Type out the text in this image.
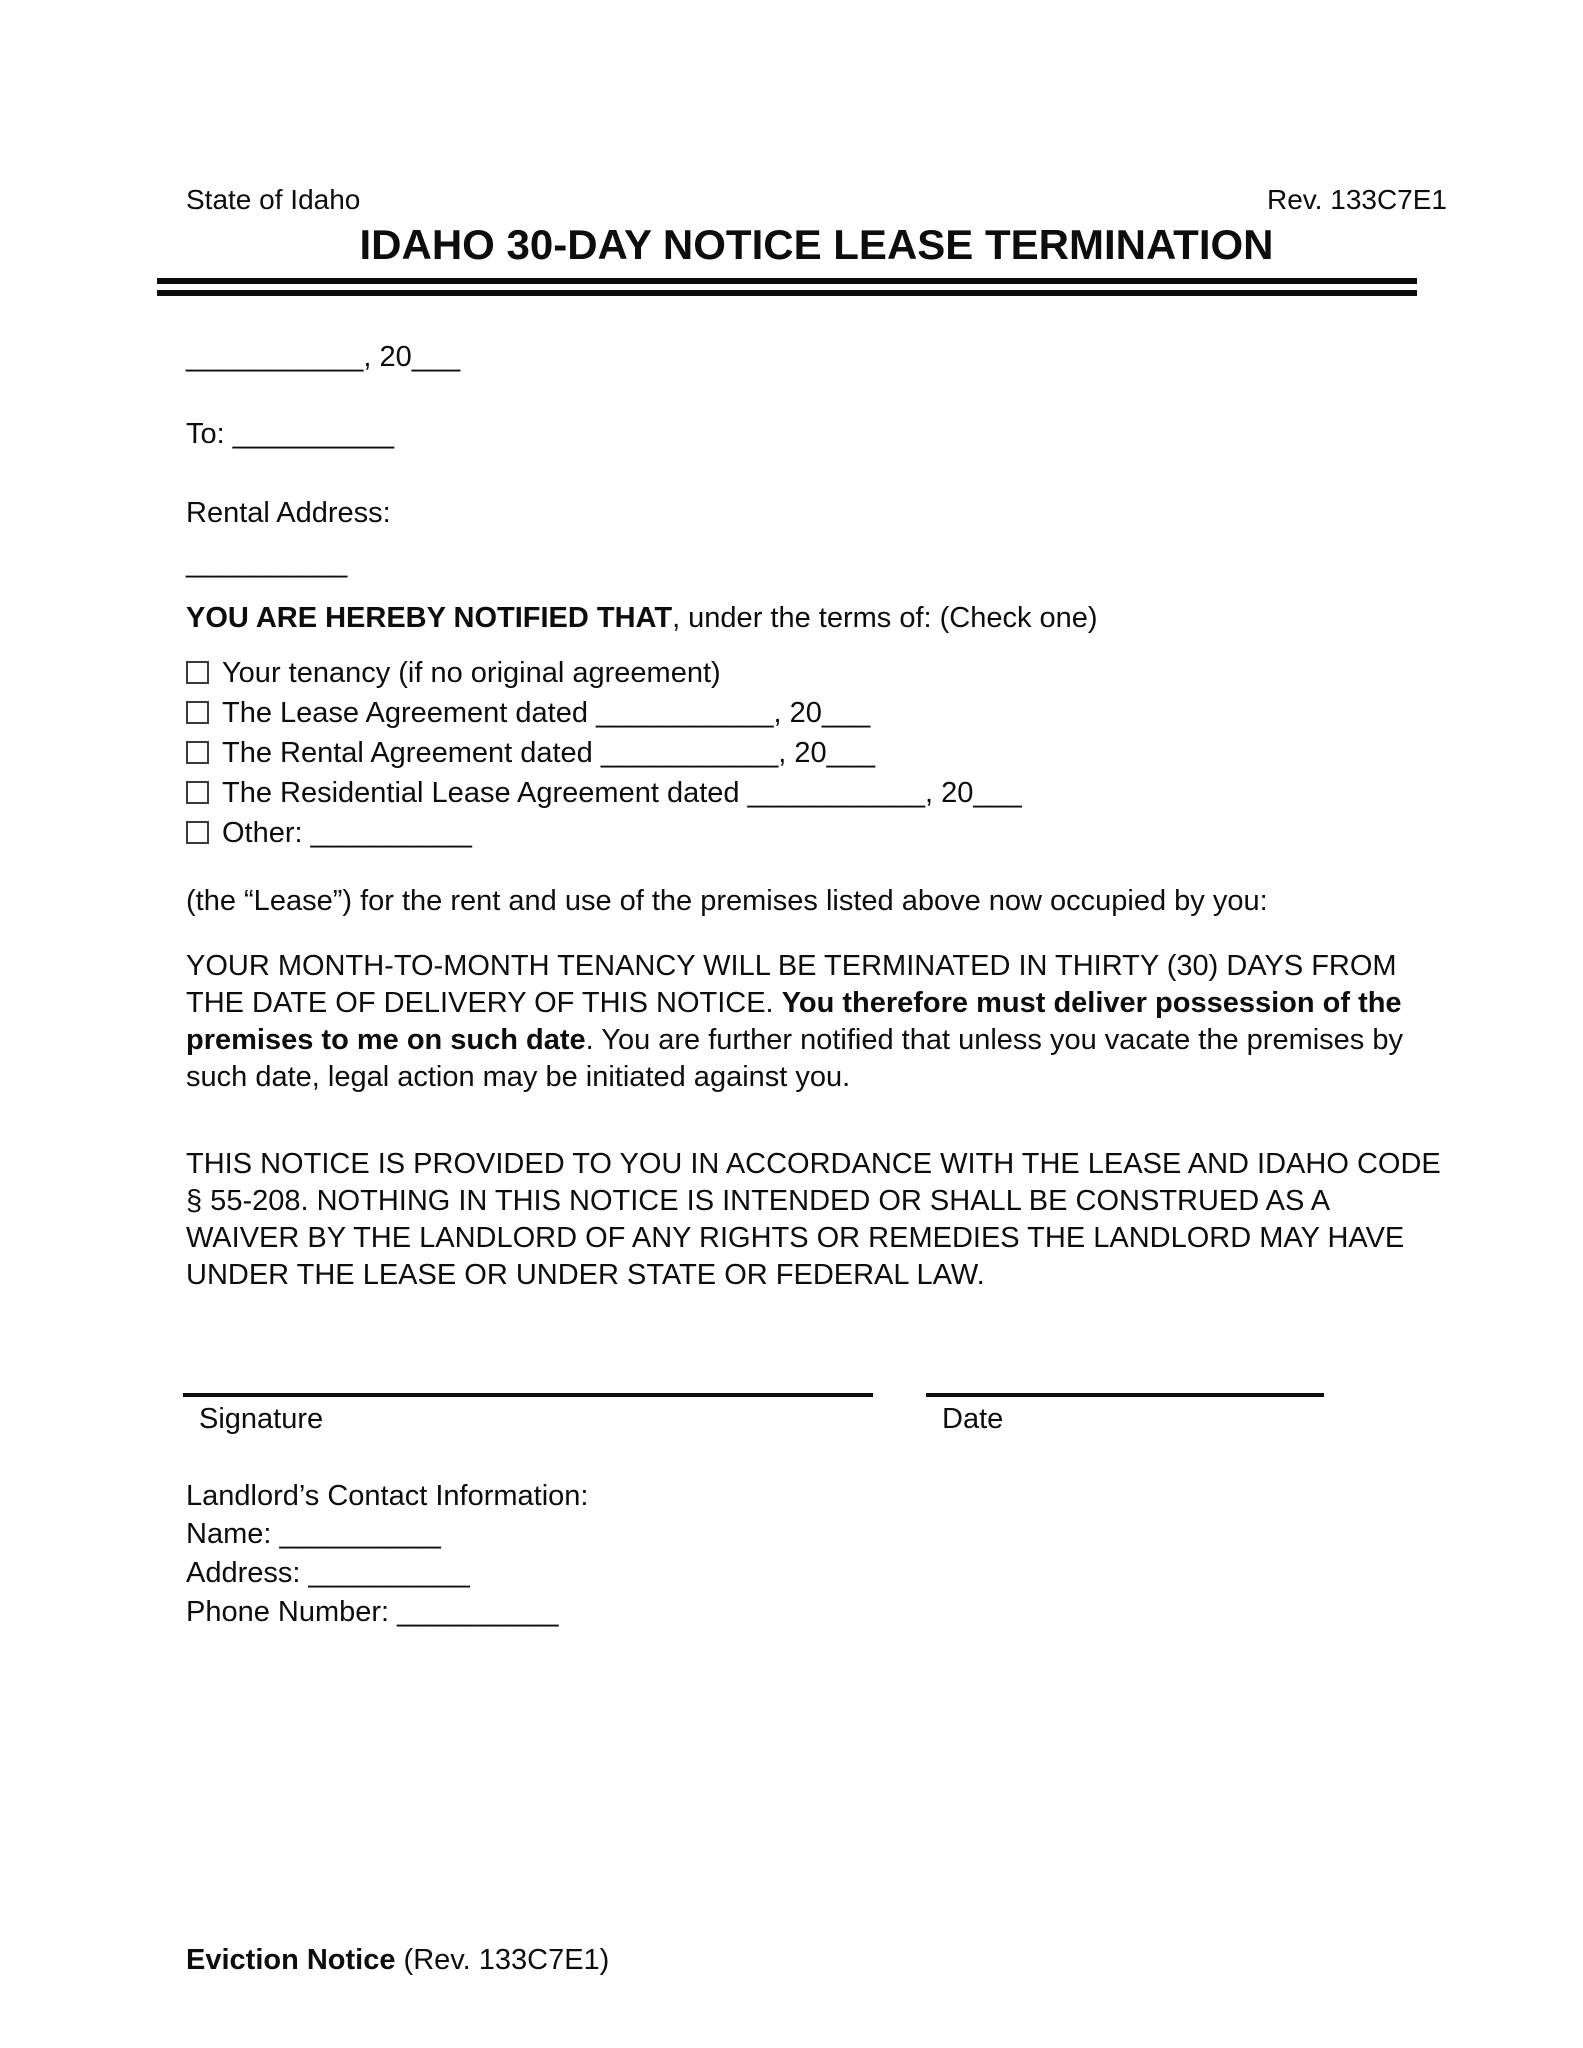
State of Idaho	Rev. 133C7E1
IDAHO 30-DAY NOTICE LEASE TERMINATION
___________, 20___
To: __________
Rental Address:
__________
YOU ARE HEREBY NOTIFIED THAT, under the terms of: (Check one)
Your tenancy (if no original agreement)
The Lease Agreement dated ___________, 20___
The Rental Agreement dated ___________, 20___
The Residential Lease Agreement dated ___________, 20___
Other: __________
(the “Lease”) for the rent and use of the premises listed above now occupied by you:

YOUR MONTH-TO-MONTH TENANCY WILL BE TERMINATED IN THIRTY (30) DAYS FROM THE DATE OF DELIVERY OF THIS NOTICE. You therefore must deliver possession of the premises to me on such date. You are further notified that unless you vacate the premises by such date, legal action may be initiated against you.

THIS NOTICE IS PROVIDED TO YOU IN ACCORDANCE WITH THE LEASE AND IDAHO CODE § 55-208. NOTHING IN THIS NOTICE IS INTENDED OR SHALL BE CONSTRUED AS A WAIVER BY THE LANDLORD OF ANY RIGHTS OR REMEDIES THE LANDLORD MAY HAVE UNDER THE LEASE OR UNDER STATE OR FEDERAL LAW.

Signature	Date
Landlord’s Contact Information:
Name: __________
Address: __________
Phone Number: __________
Eviction Notice (Rev. 133C7E1)
